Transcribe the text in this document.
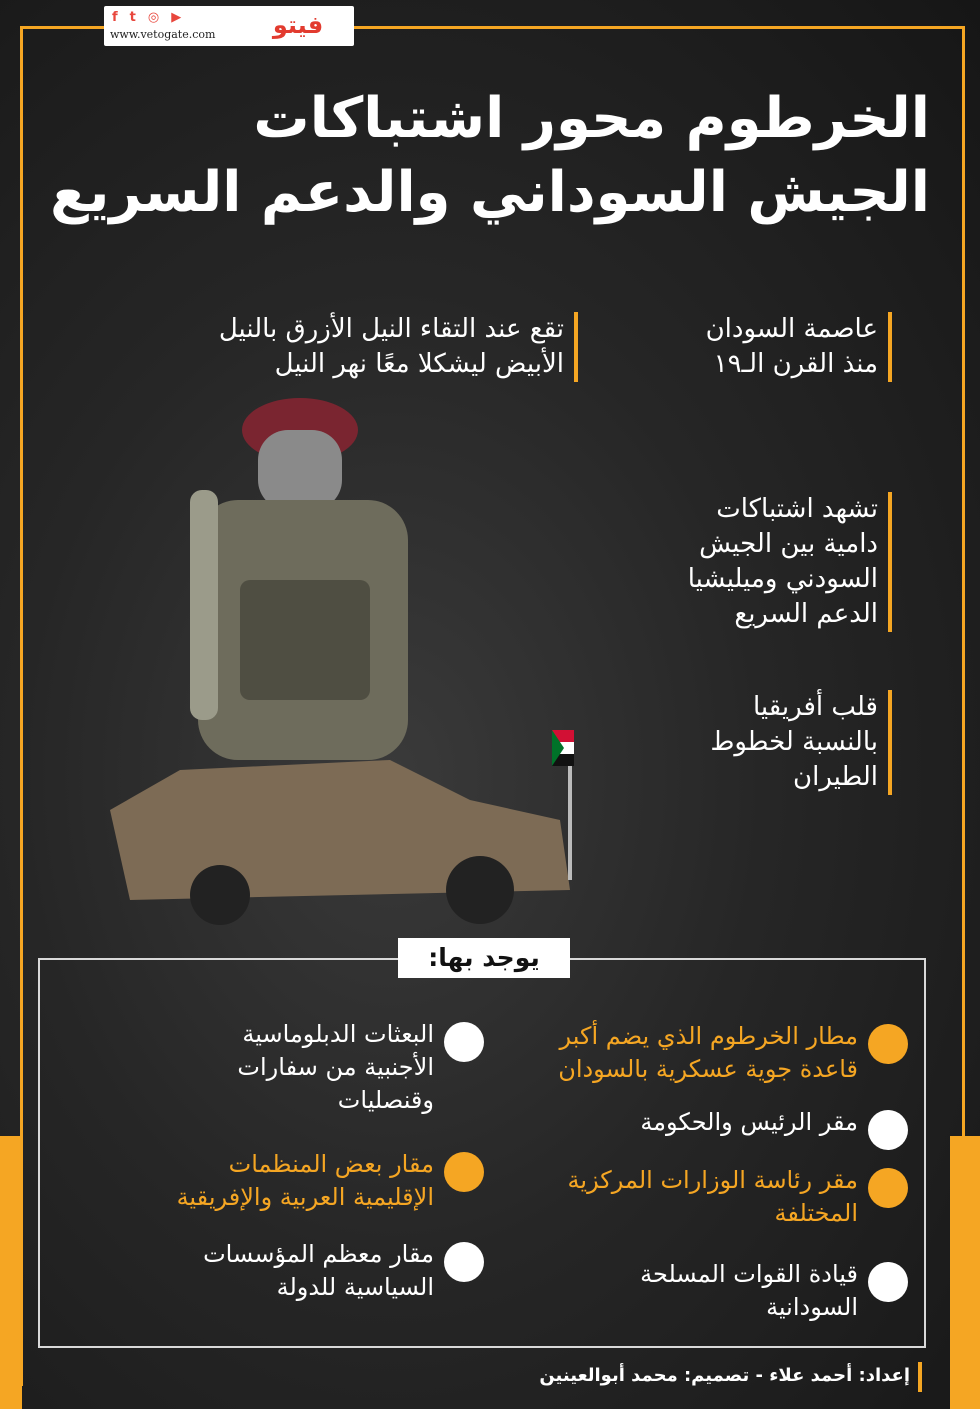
f t ◎ ▶
www.vetogate.com	فيتو
الخرطوم محور اشتباكات
الجيش السوداني والدعم السريع
عاصمة السودان
منذ القرن الـ١٩
تقع عند التقاء النيل الأزرق بالنيل
الأبيض ليشكلا معًا نهر النيل
تشهد اشتباكات
دامية بين الجيش
السودني وميليشيا
الدعم السريع
قلب أفريقيا
بالنسبة لخطوط
الطيران
يوجد بها:
مطار الخرطوم الذي يضم أكبر
قاعدة جوية عسكرية بالسودان
مقر الرئيس والحكومة
مقر رئاسة الوزارات المركزية
المختلفة
قيادة القوات المسلحة
السودانية
البعثات الدبلوماسية
الأجنبية من سفارات
وقنصليات
مقار بعض المنظمات
الإقليمية العربية والإفريقية
مقار معظم المؤسسات
السياسية للدولة
إعداد: أحمد علاء - تصميم: محمد أبوالعينين
